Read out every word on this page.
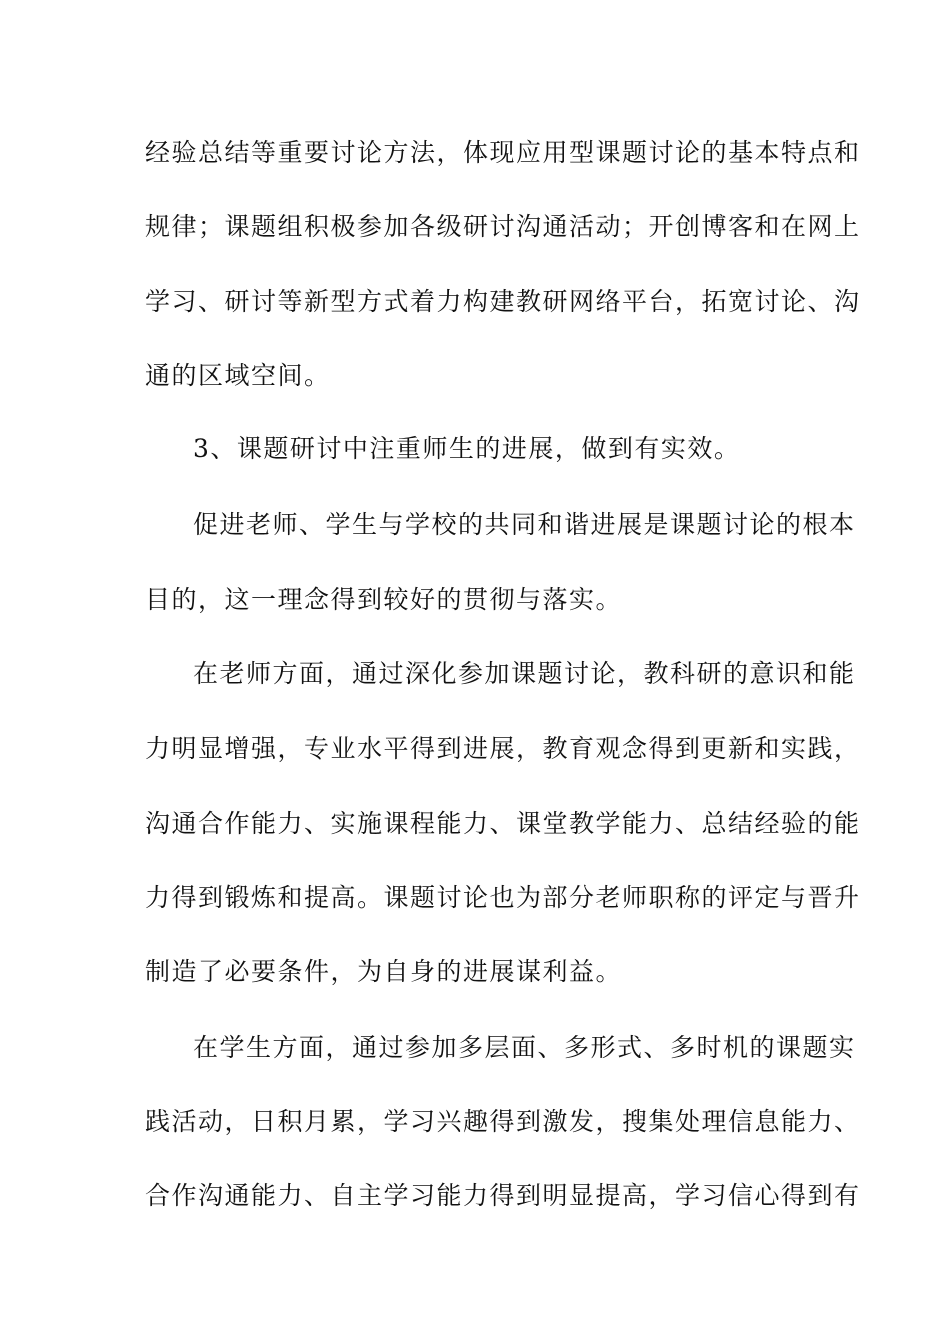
经验总结等重要讨论方法，体现应用型课题讨论的基本特点和
规律；课题组积极参加各级研讨沟通活动；开创博客和在网上
学习、研讨等新型方式着力构建教研网络平台，拓宽讨论、沟
通的区域空间。
3、课题研讨中注重师生的进展，做到有实效。
促进老师、学生与学校的共同和谐进展是课题讨论的根本
目的，这一理念得到较好的贯彻与落实。
在老师方面，通过深化参加课题讨论，教科研的意识和能
力明显增强，专业水平得到进展，教育观念得到更新和实践，
沟通合作能力、实施课程能力、课堂教学能力、总结经验的能
力得到锻炼和提高。课题讨论也为部分老师职称的评定与晋升
制造了必要条件，为自身的进展谋利益。
在学生方面，通过参加多层面、多形式、多时机的课题实
践活动，日积月累，学习兴趣得到激发，搜集处理信息能力、
合作沟通能力、自主学习能力得到明显提高，学习信心得到有
